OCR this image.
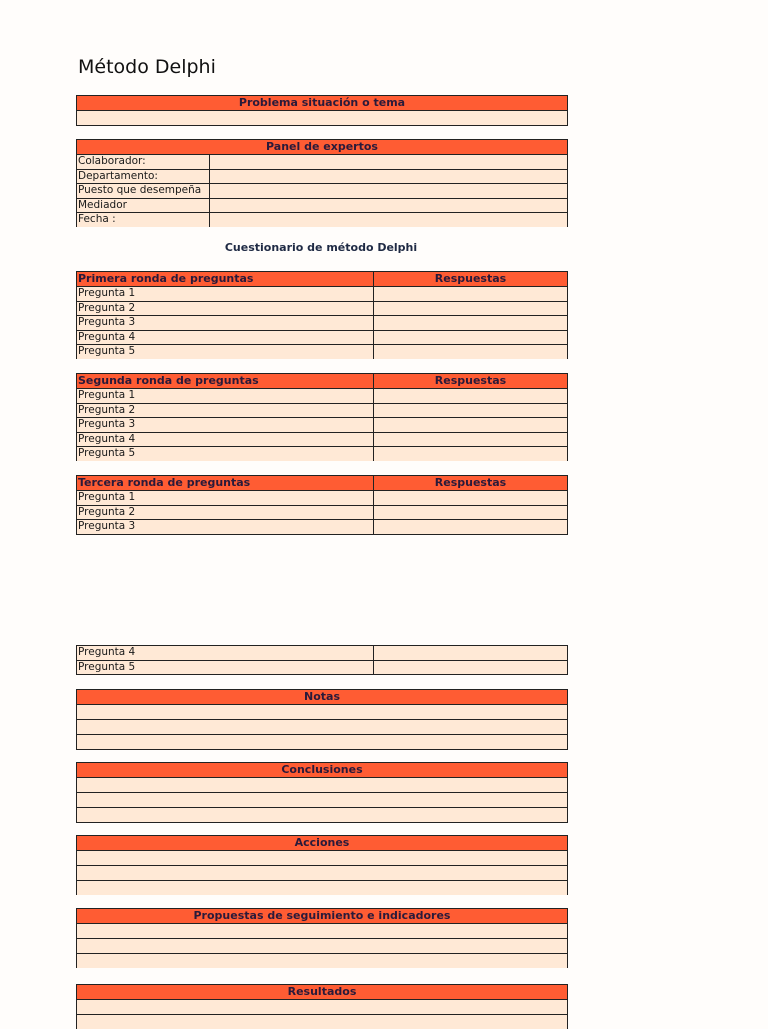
Método Delphi
Problema situación o tema
Panel de expertos
Colaborador:
Departamento:
Puesto que desempeña
Mediador
Fecha :
Cuestionario de método Delphi
Primera ronda de preguntas	Respuestas
Pregunta 1
Pregunta 2
Pregunta 3
Pregunta 4
Pregunta 5
Segunda ronda de preguntas	Respuestas
Pregunta 1
Pregunta 2
Pregunta 3
Pregunta 4
Pregunta 5
Tercera ronda de preguntas	Respuestas
Pregunta 1
Pregunta 2
Pregunta 3
Pregunta 4
Pregunta 5
Notas
Conclusiones
Acciones
Propuestas de seguimiento e indicadores
Resultados
